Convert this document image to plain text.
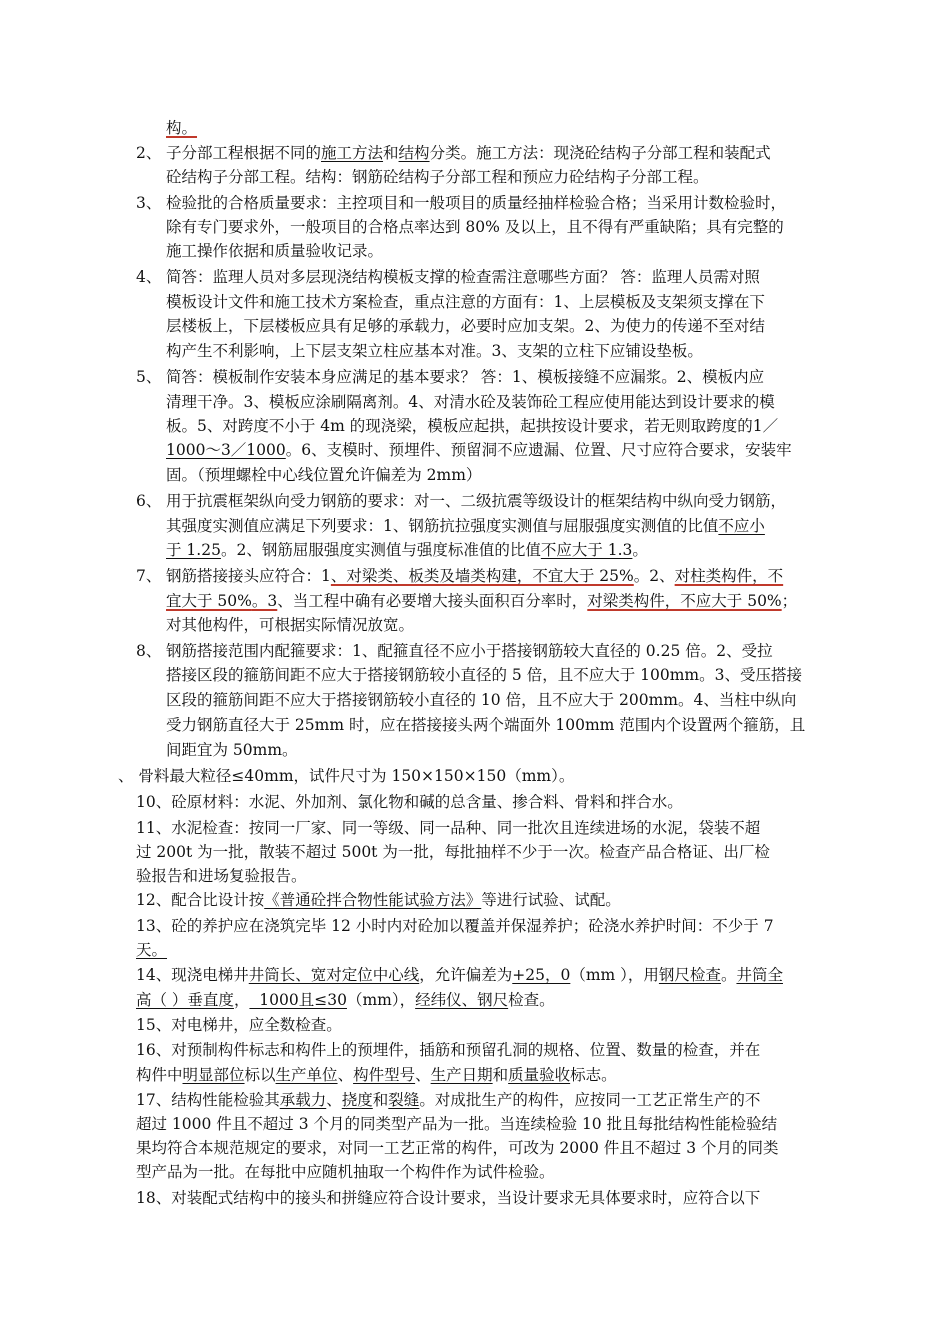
构。
2、 子分部工程根据不同的施工方法和结构分类。施工方法：现浇砼结构子分部工程和装配式
砼结构子分部工程。结构：钢筋砼结构子分部工程和预应力砼结构子分部工程。
3、 检验批的合格质量要求：主控项目和一般项目的质量经抽样检验合格；当采用计数检验时，
除有专门要求外，一般项目的合格点率达到 80% 及以上，且不得有严重缺陷；具有完整的
施工操作依据和质量验收记录。
4、 简答：监理人员对多层现浇结构模板支撑的检查需注意哪些方面？ 答：监理人员需对照
模板设计文件和施工技术方案检查，重点注意的方面有：1、上层模板及支架须支撑在下
层楼板上，下层楼板应具有足够的承载力，必要时应加支架。2、为使力的传递不至对结
构产生不利影响，上下层支架立柱应基本对准。3、支架的立柱下应铺设垫板。
5、 简答：模板制作安装本身应满足的基本要求？ 答：1、模板接缝不应漏浆。2、模板内应
清理干净。3、模板应涂刷隔离剂。4、对清水砼及装饰砼工程应使用能达到设计要求的模
板。5、对跨度不小于 4m 的现浇梁，模板应起拱，起拱按设计要求，若无则取跨度的1／
1000～3／1000。6、支模时、预埋件、预留洞不应遗漏、位置、尺寸应符合要求，安装牢
固。（预埋螺栓中心线位置允许偏差为 2mm）
6、 用于抗震框架纵向受力钢筋的要求：对一、二级抗震等级设计的框架结构中纵向受力钢筋，
其强度实测值应满足下列要求：1、钢筋抗拉强度实测值与屈服强度实测值的比值不应小
于 1.25。2、钢筋屈服强度实测值与强度标准值的比值不应大于 1.3。
7、 钢筋搭接接头应符合：1、对梁类、板类及墙类构建，不宜大于 25%。2、对柱类构件，不
宜大于 50%。3、当工程中确有必要增大接头面积百分率时，对梁类构件，不应大于 50%；
对其他构件，可根据实际情况放宽。
8、 钢筋搭接范围内配箍要求：1、配箍直径不应小于搭接钢筋较大直径的 0.25 倍。2、受拉
搭接区段的箍筋间距不应大于搭接钢筋较小直径的 5 倍，且不应大于 100mm。3、受压搭接
区段的箍筋间距不应大于搭接钢筋较小直径的 10 倍，且不应大于 200mm。4、当柱中纵向
受力钢筋直径大于 25mm 时，应在搭接接头两个端面外 100mm 范围内个设置两个箍筋，且
间距宜为 50mm。
、 骨料最大粒径≤40mm，试件尺寸为 150×150×150（mm）。
10、砼原材料：水泥、外加剂、氯化物和碱的总含量、掺合料、骨料和拌合水。
11、水泥检查：按同一厂家、同一等级、同一品种、同一批次且连续进场的水泥，袋装不超
过 200t 为一批，散装不超过 500t 为一批，每批抽样不少于一次。检查产品合格证、出厂检
验报告和进场复验报告。
12、配合比设计按《普通砼拌合物性能试验方法》等进行试验、试配。
13、砼的养护应在浇筑完毕 12 小时内对砼加以覆盖并保湿养护；砼浇水养护时间：不少于 7
天。
14、现浇电梯井井筒长、宽对定位中心线，允许偏差为+25，0（mm ），用钢尺检查。井筒全
高（ ）垂直度，  1000且≤30（mm），经纬仪、钢尺检查。
15、对电梯井，应全数检查。
16、对预制构件标志和构件上的预埋件，插筋和预留孔洞的规格、位置、数量的检查，并在
构件中明显部位标以生产单位、构件型号、生产日期和质量验收标志。
17、结构性能检验其承载力、挠度和裂缝。对成批生产的构件，应按同一工艺正常生产的不
超过 1000 件且不超过 3 个月的同类型产品为一批。当连续检验 10 批且每批结构性能检验结
果均符合本规范规定的要求，对同一工艺正常的构件，可改为 2000 件且不超过 3 个月的同类
型产品为一批。在每批中应随机抽取一个构件作为试件检验。
18、对装配式结构中的接头和拼缝应符合设计要求，当设计要求无具体要求时，应符合以下
